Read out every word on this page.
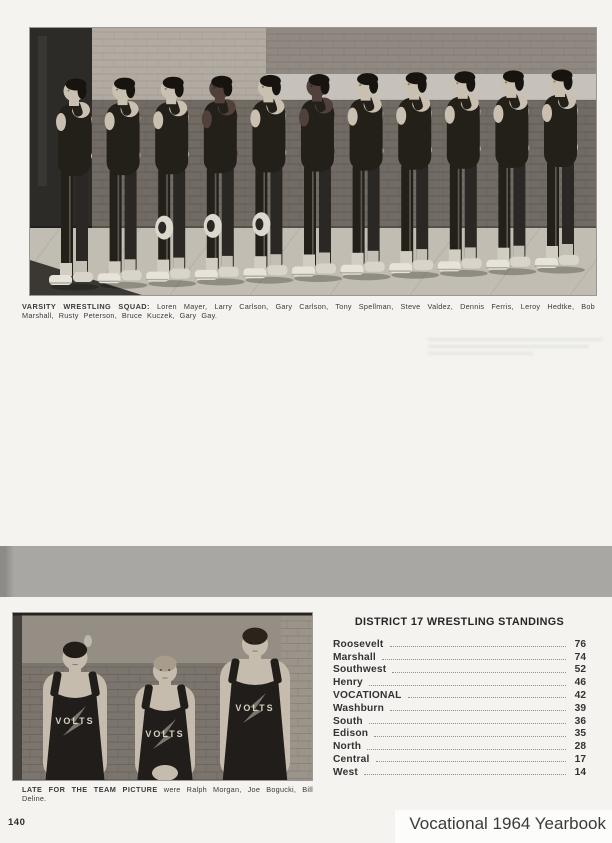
VARSITY WRESTLING SQUAD: Loren Mayer, Larry Carlson, Gary Carlson, Tony Spellman, Steve Valdez, Dennis Ferris, Leroy Hedtke, Bob Marshall, Rusty Peterson, Bruce Kuczek, Gary Gay.
VOLTS
VOLTS
VOLTS
LATE FOR THE TEAM PICTURE were Ralph Morgan, Joe Bogucki, Bill Deline.
DISTRICT 17 WRESTLING STANDINGS
Roosevelt	76
Marshall	74
Southwest	52
Henry	46
VOCATIONAL	42
Washburn	39
South	36
Edison	35
North	28
Central	17
West	14
140	Vocational 1964 Yearbook
